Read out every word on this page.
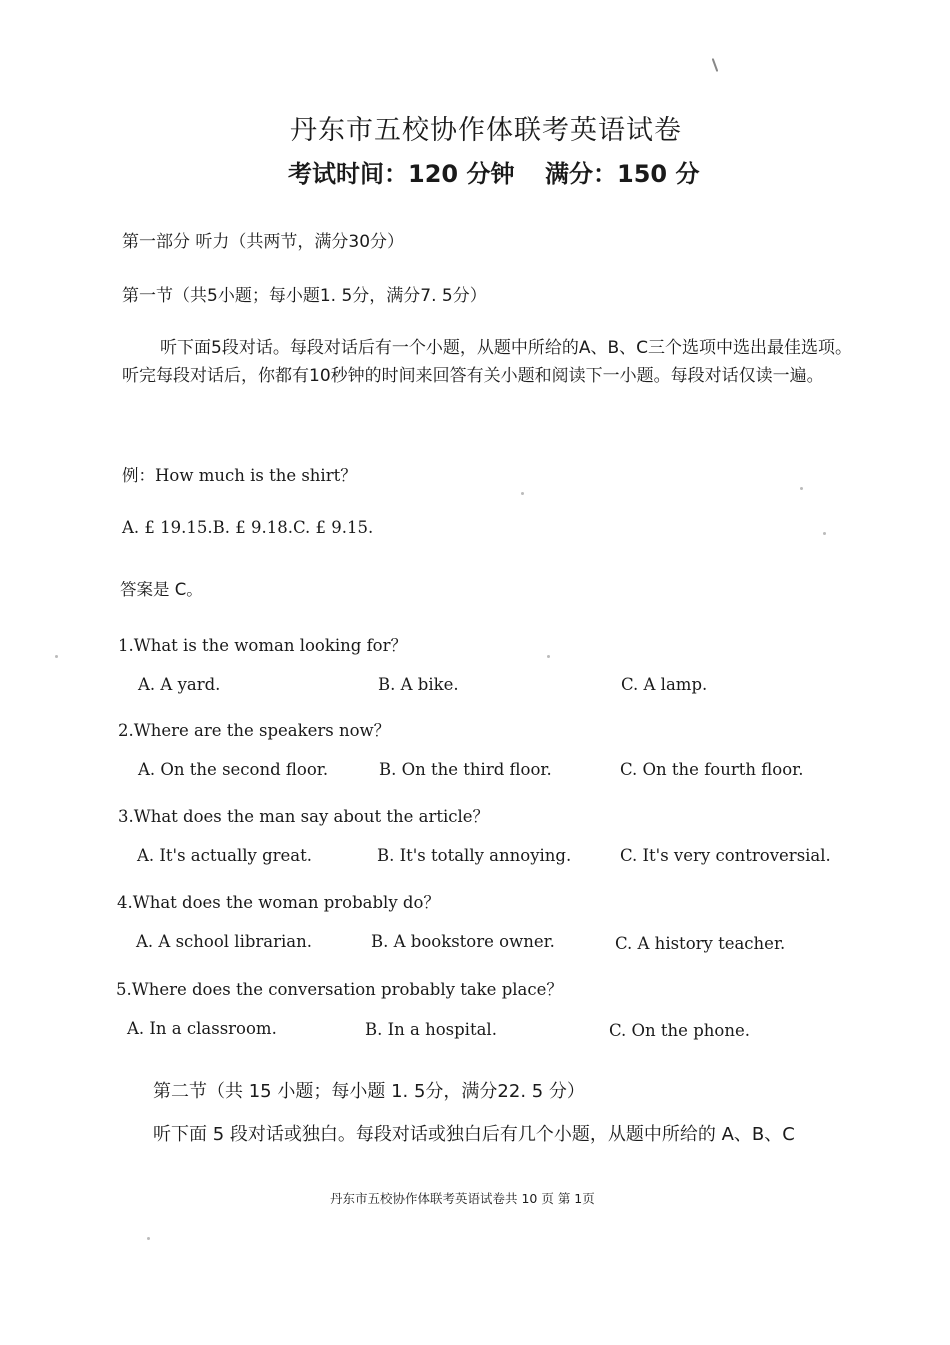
丹东市五校协作体联考英语试卷
考试时间：120 分钟 满分：150 分
第一部分 听力（共两节，满分30分）
第一节（共5小题；每小题1. 5分，满分7. 5分）
听下面5段对话。每段对话后有一个小题，从题中所给的A、B、C三个选项中选出最佳选项。听完每段对话后，你都有10秒钟的时间来回答有关小题和阅读下一小题。每段对话仅读一遍。
例：How much is the shirt？
A. £ 19.15.B. £ 9.18.C. £ 9.15.
答案是 C。
1.What is the woman looking for？
A. A yard.	B. A bike.	C. A lamp.
2.Where are the speakers now？
A. On the second floor.	B. On the third floor.	C. On the fourth floor.
3.What does the man say about the article？
A. It's actually great.	B. It's totally annoying.	C. It's very controversial.
4.What does the woman probably do？
A. A school librarian.	B. A bookstore owner.	C. A history teacher.
5.Where does the conversation probably take place？
A. In a classroom.	B. In a hospital.	C. On the phone.
第二节（共 15 小题；每小题 1. 5分，满分22. 5 分）
听下面 5 段对话或独白。每段对话或独白后有几个小题，从题中所给的 A、B、C
丹东市五校协作体联考英语试卷共 10 页 第 1页
